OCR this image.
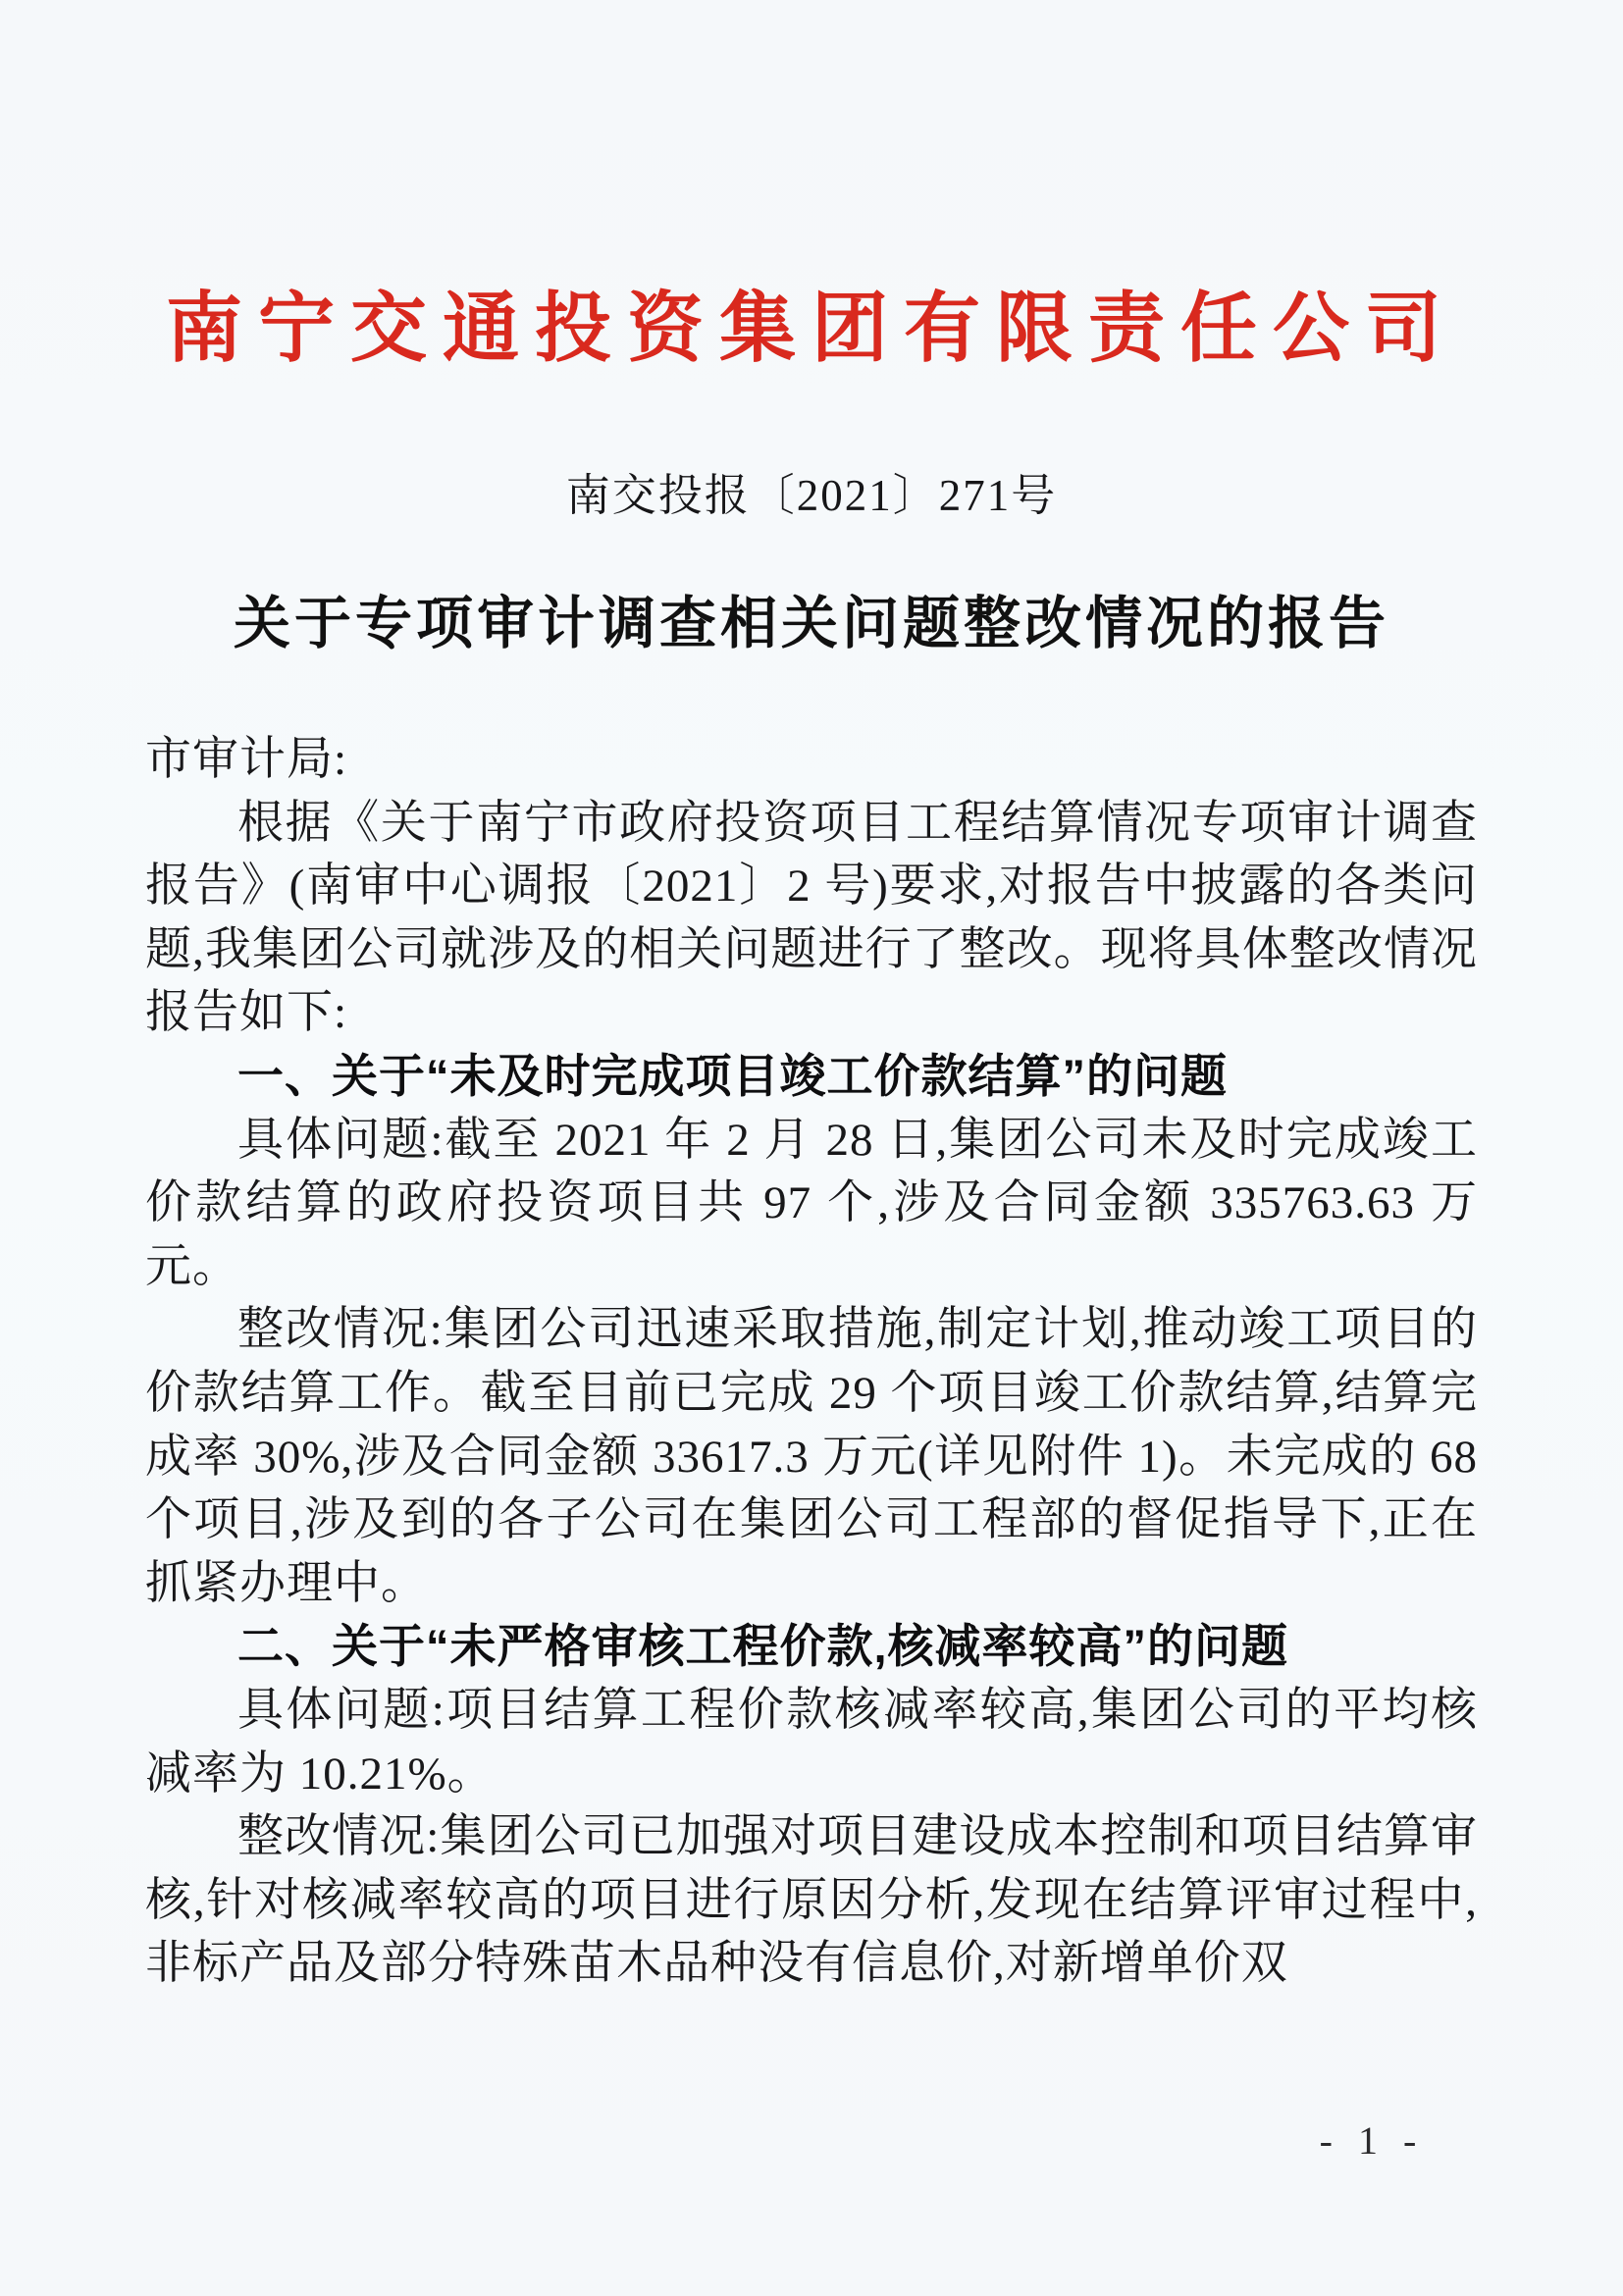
南宁交通投资集团有限责任公司
南交投报〔2021〕271号
关于专项审计调查相关问题整改情况的报告

市审计局:

根据《关于南宁市政府投资项目工程结算情况专项审计调查报告》(南审中心调报〔2021〕2 号)要求,对报告中披露的各类问题,我集团公司就涉及的相关问题进行了整改。现将具体整改情况报告如下:

一、关于“未及时完成项目竣工价款结算”的问题

具体问题:截至 2021 年 2 月 28 日,集团公司未及时完成竣工价款结算的政府投资项目共 97 个,涉及合同金额 335763.63 万元。

整改情况:集团公司迅速采取措施,制定计划,推动竣工项目的价款结算工作。截至目前已完成 29 个项目竣工价款结算,结算完成率 30%,涉及合同金额 33617.3 万元(详见附件 1)。未完成的 68 个项目,涉及到的各子公司在集团公司工程部的督促指导下,正在抓紧办理中。

二、关于“未严格审核工程价款,核减率较高”的问题

具体问题:项目结算工程价款核减率较高,集团公司的平均核减率为 10.21%。

整改情况:集团公司已加强对项目建设成本控制和项目结算审核,针对核减率较高的项目进行原因分析,发现在结算评审过程中,非标产品及部分特殊苗木品种没有信息价,对新增单价双

- 1 -
